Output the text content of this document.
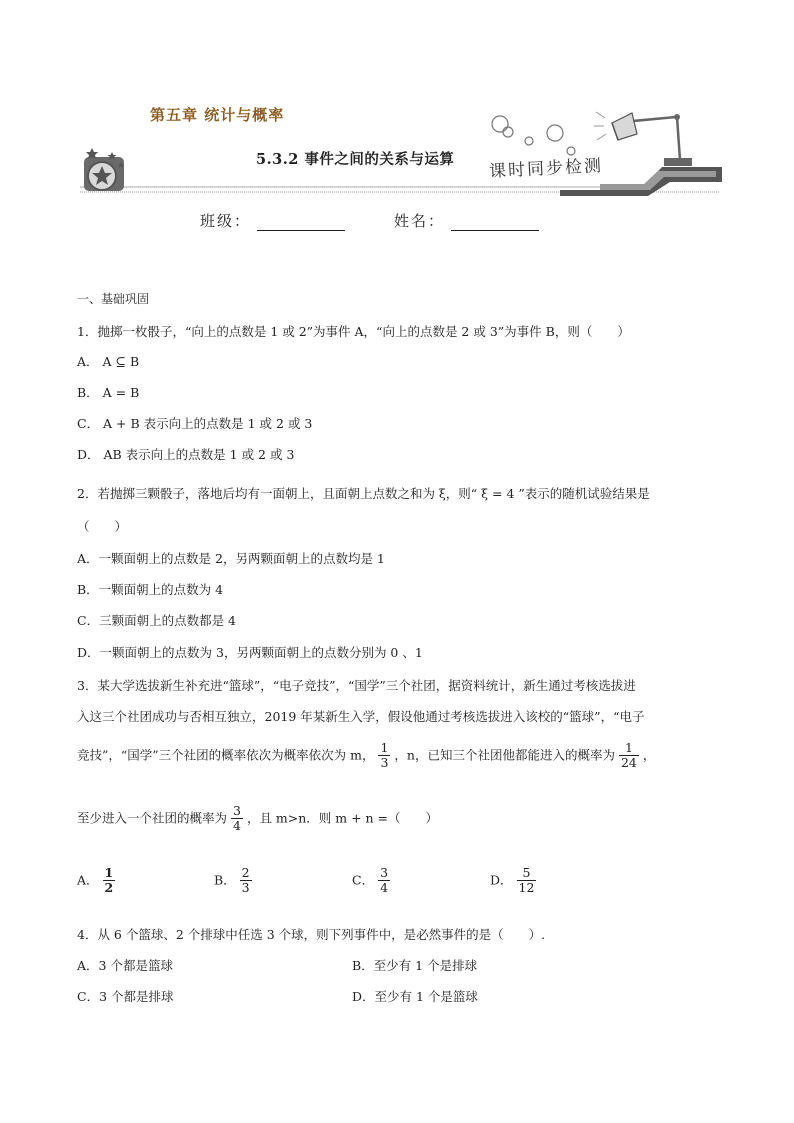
第五章 统计与概率
5.3.2 事件之间的关系与运算 课时同步检测
班级：	姓名：
一、基础巩固
1．抛掷一枚骰子，“向上的点数是 1 或 2”为事件 A，“向上的点数是 2 或 3”为事件 B，则（　　）
A． A ⊆ B
B． A = B
C． A + B 表示向上的点数是 1 或 2 或 3
D． AB 表示向上的点数是 1 或 2 或 3
2．若抛掷三颗骰子，落地后均有一面朝上，且面朝上点数之和为 ξ，则“ ξ = 4 ”表示的随机试验结果是
（　　）
A．一颗面朝上的点数是 2，另两颗面朝上的点数均是 1
B．一颗面朝上的点数为 4
C．三颗面朝上的点数都是 4
D．一颗面朝上的点数为 3，另两颗面朝上的点数分别为 0 、1
3．某大学选拔新生补充进“篮球”，“电子竞技”，“国学”三个社团，据资料统计，新生通过考核选拔进
入这三个社团成功与否相互独立，2019 年某新生入学，假设他通过考核选拔进入该校的“篮球”，“电子
竞技”，“国学”三个社团的概率依次为概率依次为 m， $\frac{1}{3}$ ，n，已知三个社团他都能进入的概率为 $\frac{1}{24}$ ，
至少进入一个社团的概率为 $\frac{3}{4}$ ，且 m>n．则 m + n =（　　）
A． $\frac{1}{2}$	B． $\frac{2}{3}$	C． $\frac{3}{4}$	D． $\frac{5}{12}$
4．从 6 个篮球、2 个排球中任选 3 个球，则下列事件中，是必然事件的是（　　）.
A．3 个都是篮球	B．至少有 1 个是排球
C．3 个都是排球	D．至少有 1 个是篮球
